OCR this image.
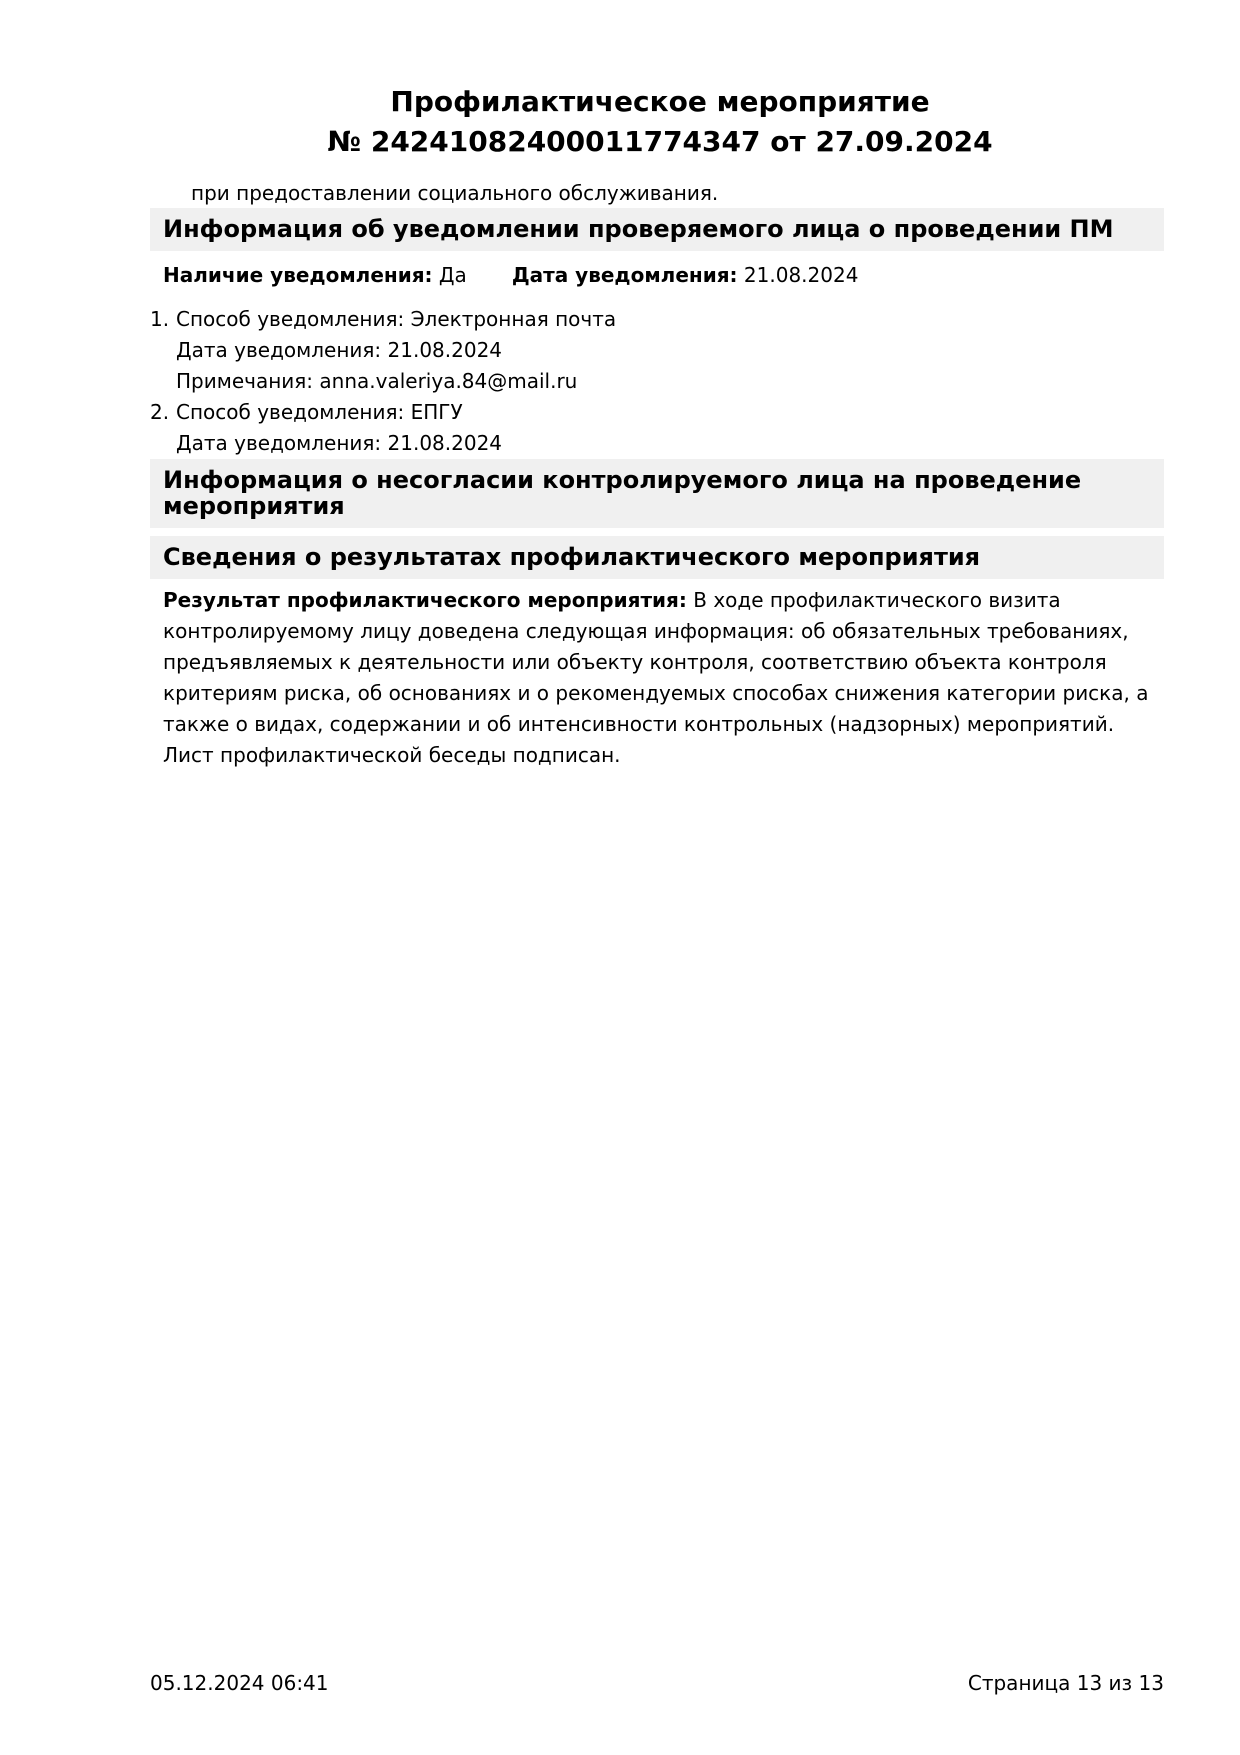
Профилактическое мероприятие
№ 24241082400011774347 от 27.09.2024
при предоставлении социального обслуживания.
Информация об уведомлении проверяемого лица о проведении ПМ
Наличие уведомления: Да Дата уведомления: 21.08.2024
1. Способ уведомления: Электронная почта
Дата уведомления: 21.08.2024
Примечания: anna.valeriya.84@mail.ru
2. Способ уведомления: ЕПГУ
Дата уведомления: 21.08.2024
Информация о несогласии контролируемого лица на проведение мероприятия
Сведения о результатах профилактического мероприятия
Результат профилактического мероприятия: В ходе профилактического визита контролируемому лицу доведена следующая информация: об обязательных требованиях, предъявляемых к деятельности или объекту контроля, соответствию объекта контроля критериям риска, об основаниях и о рекомендуемых способах снижения категории риска, а также о видах, содержании и об интенсивности контрольных (надзорных) мероприятий. Лист профилактической беседы подписан.
05.12.2024 06:41	Страница 13 из 13
